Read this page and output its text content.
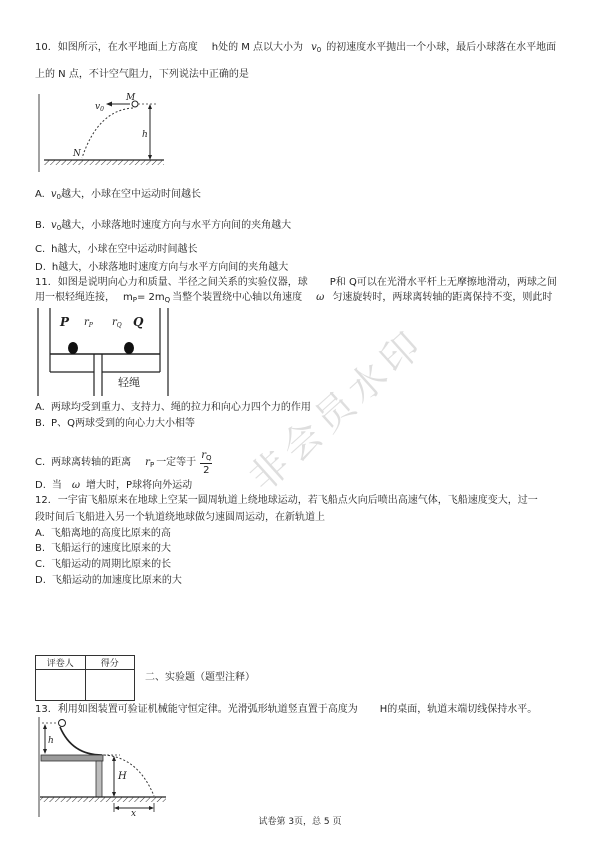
10．如图所示，在水平地面上方高度 h处的 M 点以大小为 v 0 的初速度水平抛出一个小球，最后小球落在水平地面
上的 N 点，不计空气阻力，下列说法中正确的是
M
$v_0$
h
N
A. v 0 越大，小球在空中运动时间越长
B. v 0 越大，小球落地时速度方向与水平方向间的夹角越大
C. h越大，小球在空中运动时间越长
D. h越大，小球落地时速度方向与水平方向间的夹角越大
11．如图是说明向心力和质量、半径之间关系的实验仪器，球 P和 Q可以在光滑水平杆上无摩擦地滑动，两球之间
用一根轻绳连接， m P = 2m Q 当整个装置绕中心轴以角速度 ω 匀速旋转时，两球离转轴的距离保持不变，则此时
P $r_P$ $r_Q$ Q
轻绳
A. 两球均受到重力、支持力、绳的拉力和向心力四个力的作用
B. P、Q两球受到的向心力大小相等
C. 两球离转轴的距离 r P 一定等于 $\frac{r_Q}{2}$
D. 当 ω 增大时，P球将向外运动
12．一宇宙飞船原来在地球上空某一圆周轨道上绕地球运动，若飞船点火向后喷出高速气体，飞船速度变大，过一
段时间后飞船进入另一个轨道绕地球做匀速圆周运动，在新轨道上
A. 飞船离地的高度比原来的高
B. 飞船运行的速度比原来的大
C. 飞船运动的周期比原来的长
D. 飞船运动的加速度比原来的大
评卷人	得分

二、实验题（题型注释）
13．利用如图装置可验证机械能守恒定律。光滑弧形轨道竖直置于高度为 H的桌面，轨道末端切线保持水平。
h
H
x
试卷第 3页，总 5 页
非会员水印
